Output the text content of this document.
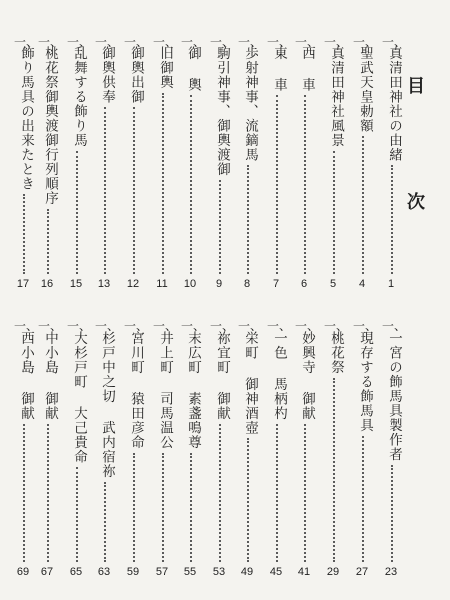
目
次
一、
真清田神社の由緒
1
一、
聖武天皇勅額
4
一、
真清田神社風景
5
一、
西 車
6
一、
東 車
7
一、
歩射神事、流鏑馬
8
一、
駒引神事、御輿渡御
9
一、
御 輿
10
一、
旧御輿
11
一、
御輿出御
12
一、
御輿供奉
13
一、
乱舞する飾り馬
15
一、
桃花祭御輿渡御行列順序
16
一、
飾り馬具の出来たとき
17
一、
一宮の飾馬具製作者
23
一、
現存する飾馬具
27
一、
桃花祭
29
一、
妙興寺 御献
41
一、
一色 馬柄杓
45
一、
栄町 御神酒壺
49
一、
祢宜町 御献
53
一、
末広町 素盞鳴尊
55
一、
井上町 司馬温公
57
一、
宮川町 猿田彦命
59
一、
杉戸中之切 武内宿祢
63
一、
大杉戸町 大己貴命
65
一、
中小島 御献
67
一、
西小島 御献
69
